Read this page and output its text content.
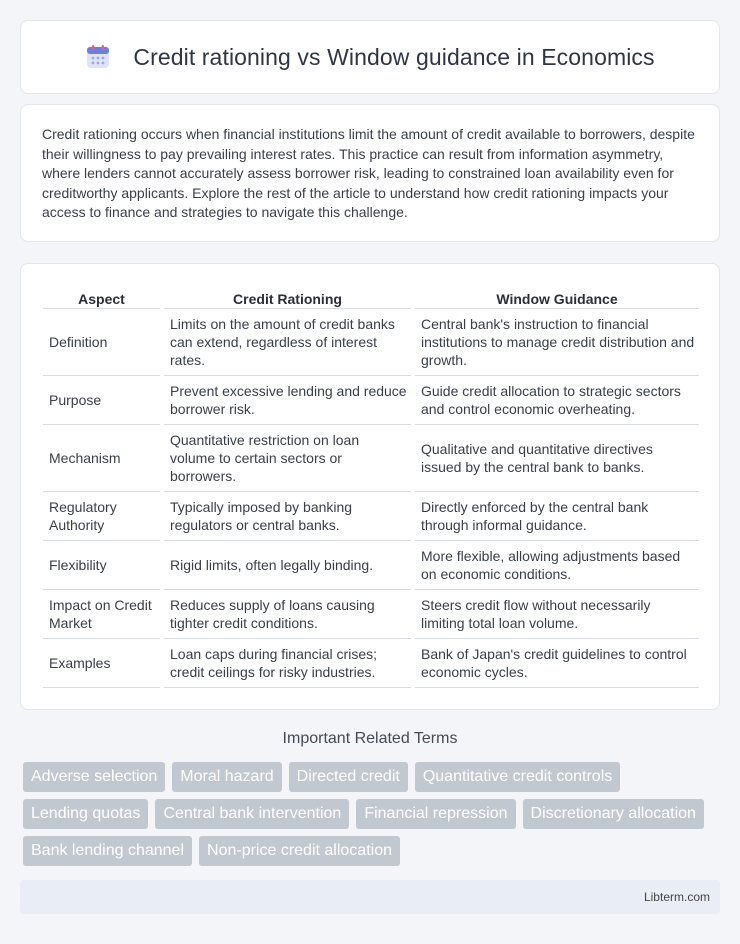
Credit rationing vs Window guidance in Economics

Credit rationing occurs when financial institutions limit the amount of credit available to borrowers, despite their willingness to pay prevailing interest rates. This practice can result from information asymmetry, where lenders cannot accurately assess borrower risk, leading to constrained loan availability even for creditworthy applicants. Explore the rest of the article to understand how credit rationing impacts your access to finance and strategies to navigate this challenge.

Aspect	Credit Rationing	Window Guidance
Definition	Limits on the amount of credit banks can extend, regardless of interest rates.	Central bank's instruction to financial institutions to manage credit distribution and growth.
Purpose	Prevent excessive lending and reduce borrower risk.	Guide credit allocation to strategic sectors and control economic overheating.
Mechanism	Quantitative restriction on loan volume to certain sectors or borrowers.	Qualitative and quantitative directives issued by the central bank to banks.
Regulatory Authority	Typically imposed by banking regulators or central banks.	Directly enforced by the central bank through informal guidance.
Flexibility	Rigid limits, often legally binding.	More flexible, allowing adjustments based on economic conditions.
Impact on Credit Market	Reduces supply of loans causing tighter credit conditions.	Steers credit flow without necessarily limiting total loan volume.
Examples	Loan caps during financial crises; credit ceilings for risky industries.	Bank of Japan's credit guidelines to control economic cycles.
Important Related Terms
Adverse selection	Moral hazard	Directed credit	Quantitative credit controls
Lending quotas	Central bank intervention	Financial repression	Discretionary allocation
Bank lending channel	Non-price credit allocation
Libterm.com
